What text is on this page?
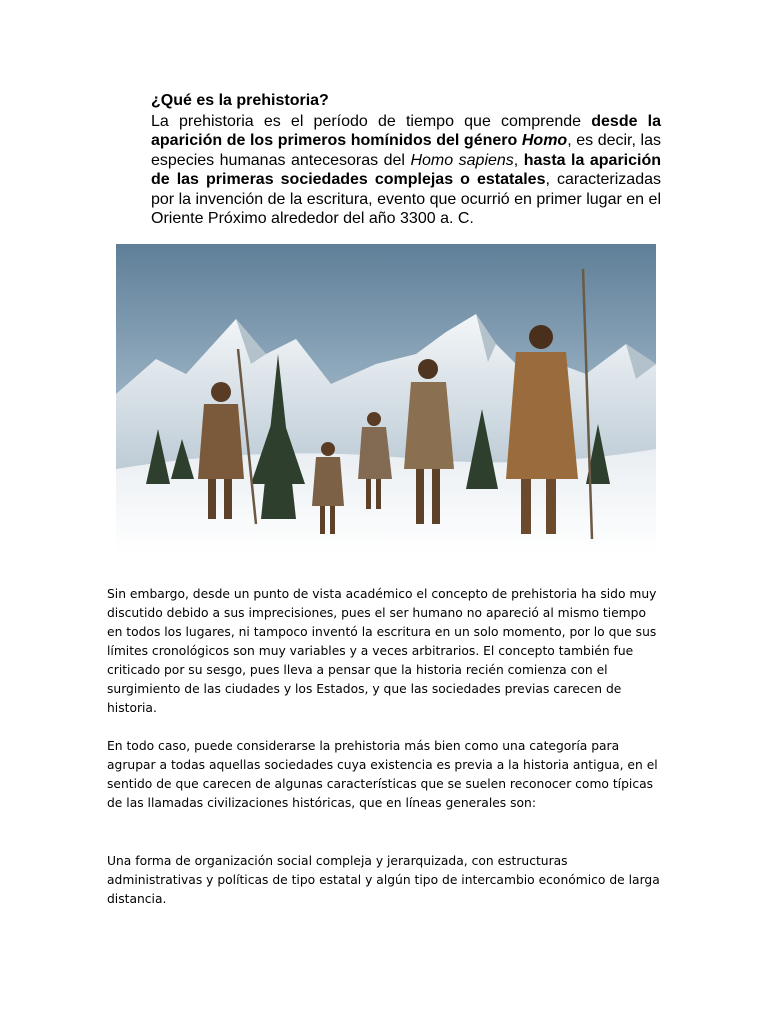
¿Qué es la prehistoria?

La prehistoria es el período de tiempo que comprende desde la aparición de los primeros homínidos del género Homo, es decir, las especies humanas antecesoras del Homo sapiens, hasta la aparición de las primeras sociedades complejas o estatales, caracterizadas por la invención de la escritura, evento que ocurrió en primer lugar en el Oriente Próximo alrededor del año 3300 a. C.

Sin embargo, desde un punto de vista académico el concepto de prehistoria ha sido muy discutido debido a sus imprecisiones, pues el ser humano no apareció al mismo tiempo en todos los lugares, ni tampoco inventó la escritura en un solo momento, por lo que sus límites cronológicos son muy variables y a veces arbitrarios. El concepto también fue criticado por su sesgo, pues lleva a pensar que la historia recién comienza con el surgimiento de las ciudades y los Estados, y que las sociedades previas carecen de historia.

En todo caso, puede considerarse la prehistoria más bien como una categoría para agrupar a todas aquellas sociedades cuya existencia es previa a la historia antigua, en el sentido de que carecen de algunas características que se suelen reconocer como típicas de las llamadas civilizaciones históricas, que en líneas generales son:

Una forma de organización social compleja y jerarquizada, con estructuras administrativas y políticas de tipo estatal y algún tipo de intercambio económico de larga distancia.
